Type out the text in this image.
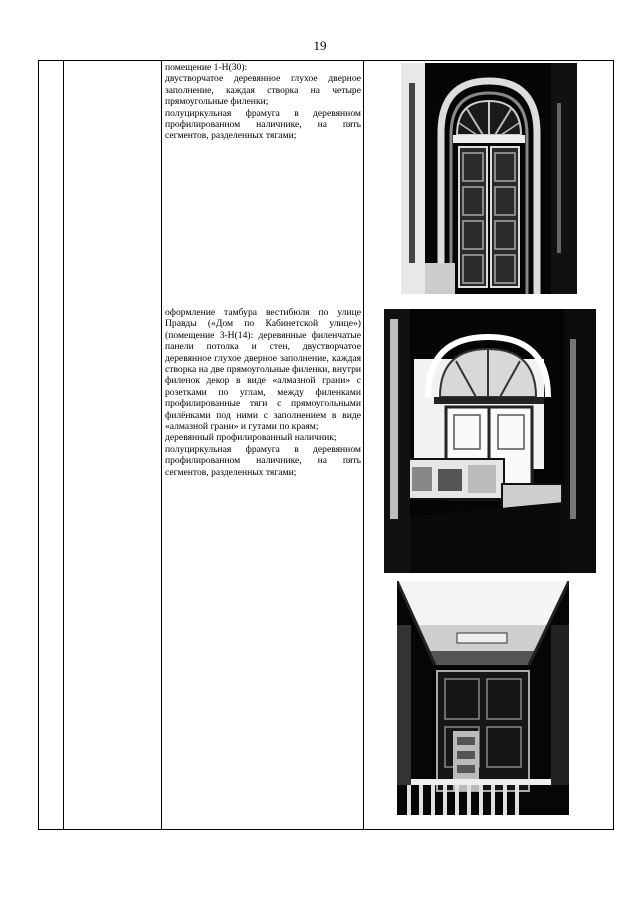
19

помещение 1-Н(30):

двустворчатое деревянное глухое дверное заполнение, каждая створка на четыре прямоугольные филенки;

полуциркульная фрамуга в деревянном профилированном наличнике, на пять сегментов, разделенных тягами;

оформление тамбура вестибюля по улице Правды («Дом по Кабинетской улице») (помещение 3-Н(14): деревянные филенчатые панели потолка и стен, двустворчатое деревянное глухое дверное заполнение, каждая створка на две прямоугольные филенки, внутри филенок декор в виде «алмазной грани» с розетками по углам, между филенками профилированные тяги с прямоугольными филёнками под ними с заполнением в виде «алмазной грани» и гутами по краям;

деревянный профилированный наличник;

полуциркульная фрамуга в деревянном профилированном наличнике, на пять сегментов, разделенных тягами;
